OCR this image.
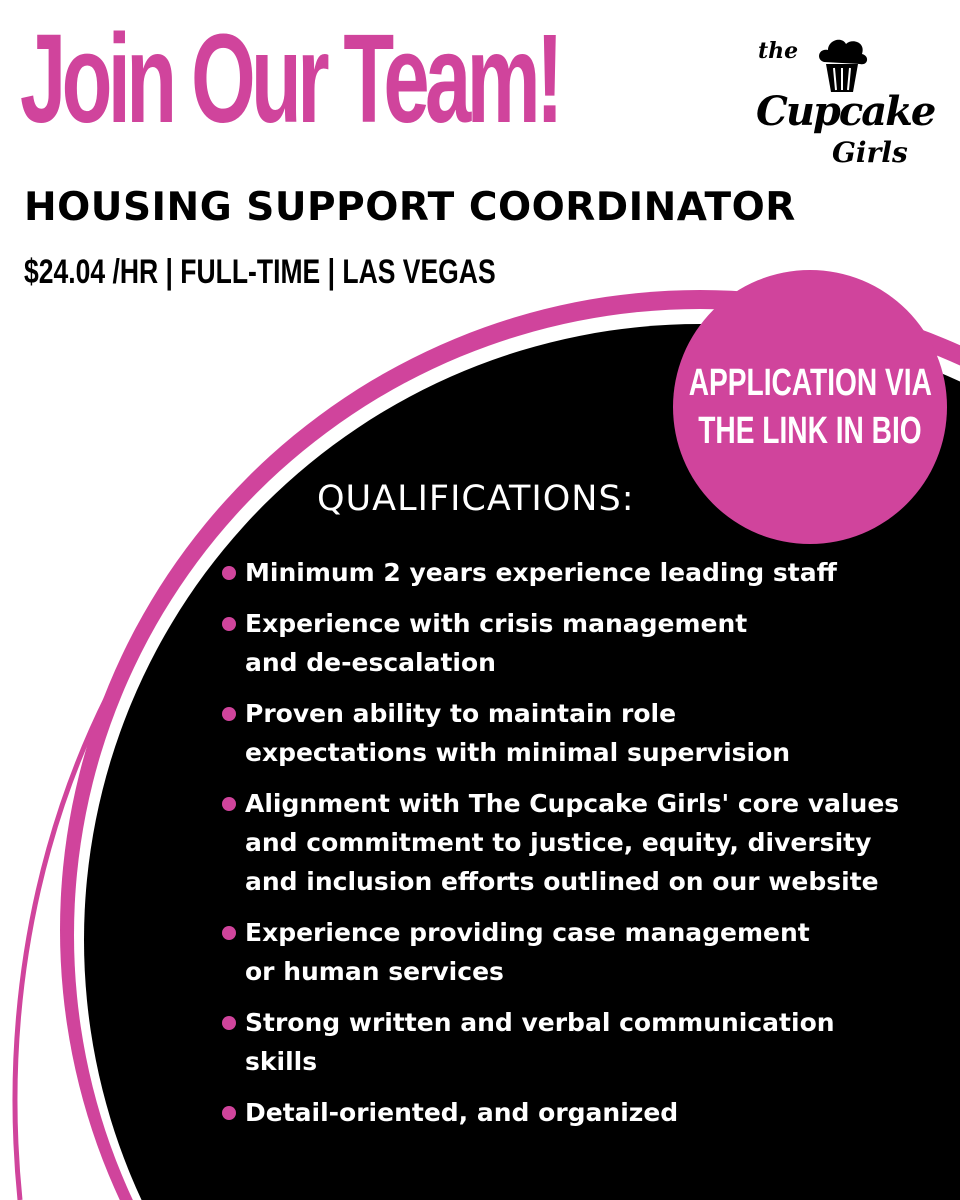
Join Our Team!
HOUSING SUPPORT COORDINATOR
$24.04 /HR | FULL-TIME | LAS VEGAS
the
Cupcake
Girls
APPLICATION VIA
THE LINK IN BIO
QUALIFICATIONS:
Minimum 2 years experience leading staff
Experience with crisis management
and de-escalation
Proven ability to maintain role
expectations with minimal supervision
Alignment with The Cupcake Girls' core values
and commitment to justice, equity, diversity
and inclusion efforts outlined on our website
Experience providing case management
or human services
Strong written and verbal communication
skills
Detail-oriented, and organized
